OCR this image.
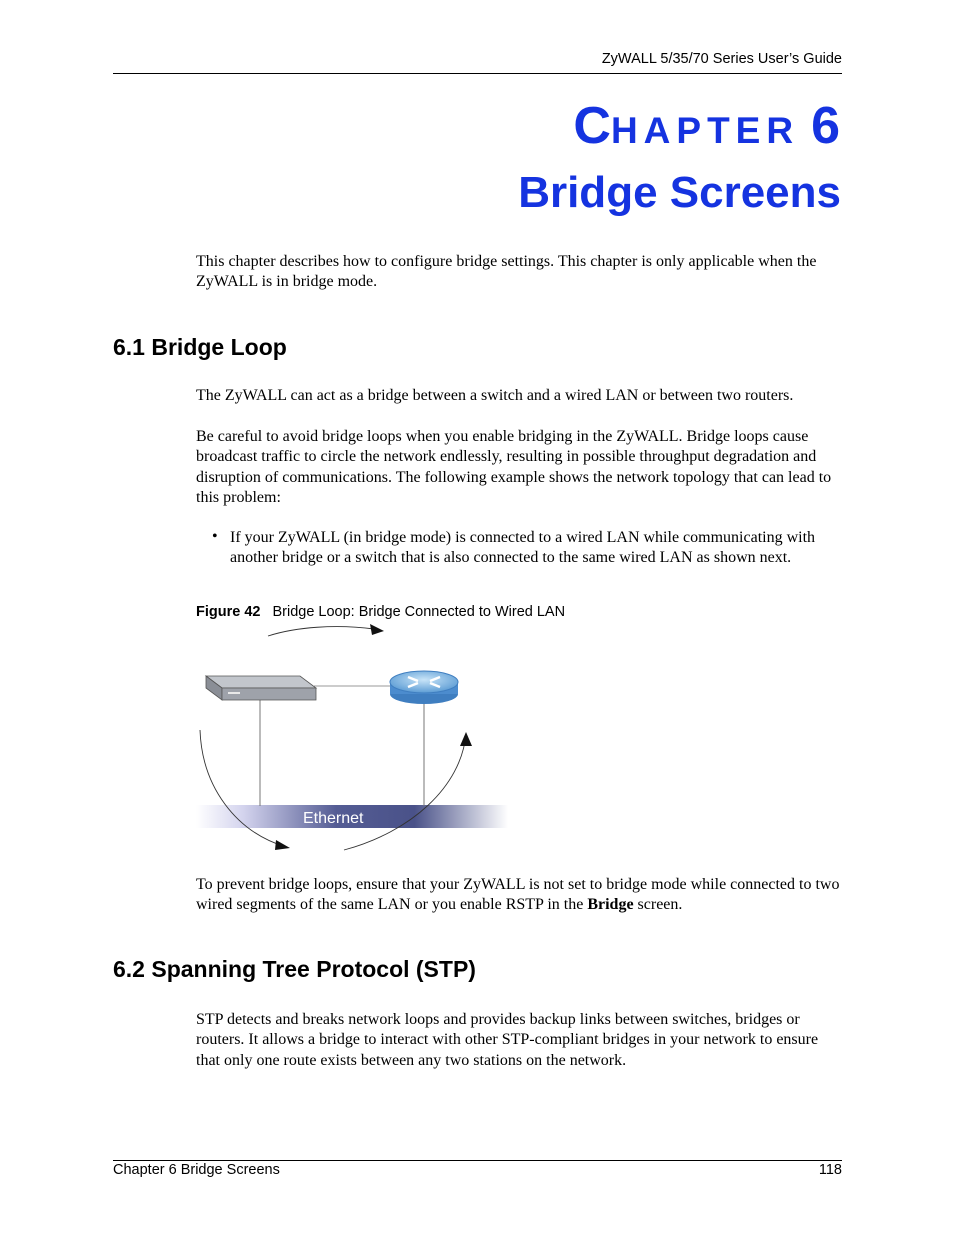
ZyWALL 5/35/70 Series User’s Guide
CHAPTER 6
Bridge Screens
This chapter describes how to configure bridge settings. This chapter is only applicable when the ZyWALL is in bridge mode.
6.1 Bridge Loop
The ZyWALL can act as a bridge between a switch and a wired LAN or between two routers.
Be careful to avoid bridge loops when you enable bridging in the ZyWALL. Bridge loops cause broadcast traffic to circle the network endlessly, resulting in possible throughput degradation and disruption of communications. The following example shows the network topology that can lead to this problem:
• If your ZyWALL (in bridge mode) is connected to a wired LAN while communicating with another bridge or a switch that is also connected to the same wired LAN as shown next.
Figure 42 Bridge Loop: Bridge Connected to Wired LAN
Ethernet
To prevent bridge loops, ensure that your ZyWALL is not set to bridge mode while connected to two wired segments of the same LAN or you enable RSTP in the Bridge screen.
6.2 Spanning Tree Protocol (STP)
STP detects and breaks network loops and provides backup links between switches, bridges or routers. It allows a bridge to interact with other STP-compliant bridges in your network to ensure that only one route exists between any two stations on the network.
Chapter 6 Bridge Screens	118
